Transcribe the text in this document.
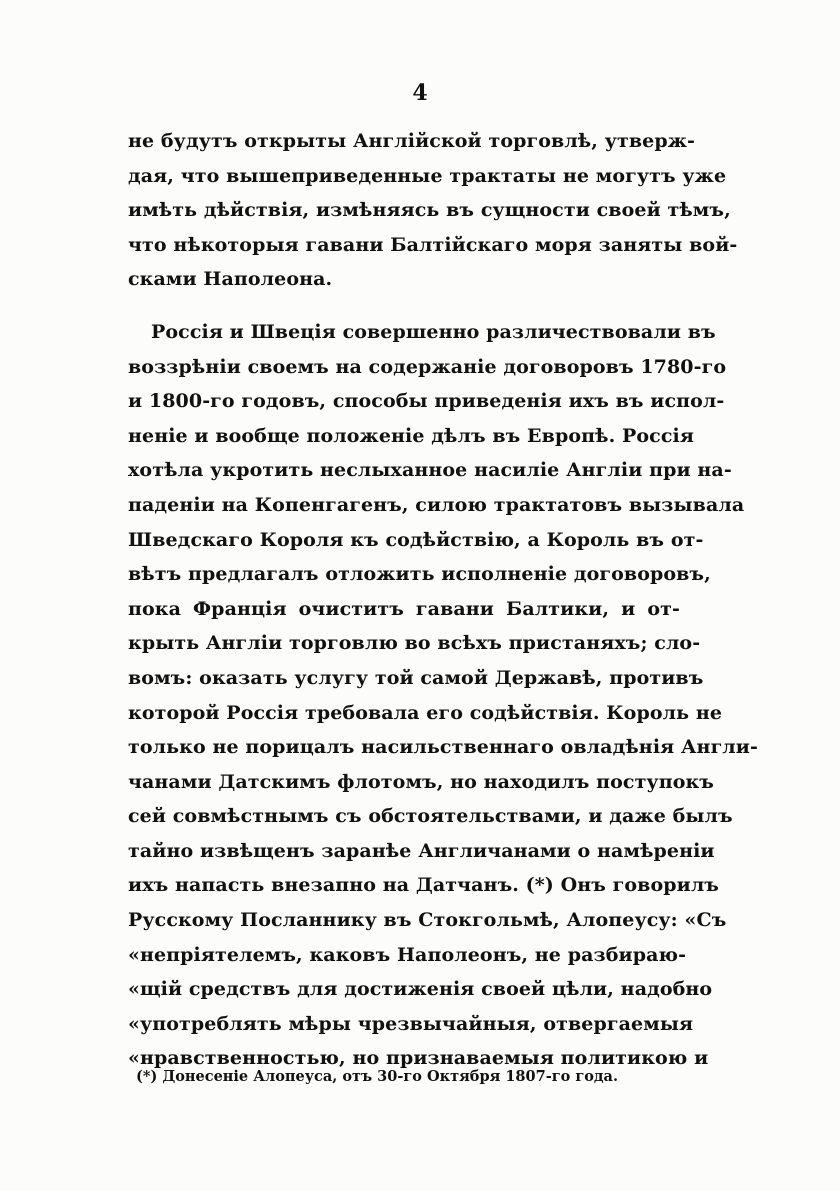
4
не будутъ открыты Англійской торговлѣ, утверж-
дая, что вышеприведенные трактаты не могутъ уже
имѣть дѣйствія, измѣняясь въ сущности своей тѣмъ,
что нѣкоторыя гавани Балтійскаго моря заняты вой-
сками Наполеона.
Россія и Швеція совершенно различествовали въ
воззрѣніи своемъ на содержаніе договоровъ 1780-го
и 1800-го годовъ, способы приведенія ихъ въ испол-
неніе и вообще положеніе дѣлъ въ Европѣ. Россія
хотѣла укротить неслыханное насиліе Англіи при на-
паденіи на Копенгагенъ, силою трактатовъ вызывала
Шведскаго Короля къ содѣйствію, а Король въ от-
вѣтъ предлагалъ отложить исполненіе договоровъ,
пока Франція очиститъ гавани Балтики, и от-
крыть Англіи торговлю во всѣхъ пристаняхъ; сло-
вомъ: оказать услугу той самой Державѣ, противъ
которой Россія требовала его содѣйствія. Король не
только не порицалъ насильственнаго овладѣнія Англи-
чанами Датскимъ флотомъ, но находилъ поступокъ
сей совмѣстнымъ съ обстоятельствами, и даже былъ
тайно извѣщенъ заранѣе Англичанами о намѣреніи
ихъ напасть внезапно на Датчанъ. (*) Онъ говорилъ
Русскому Посланнику въ Стокгольмѣ, Алопеусу: «Съ
«непріятелемъ, каковъ Наполеонъ, не разбираю-
«щій средствъ для достиженія своей цѣли, надобно
«употреблять мѣры чрезвычайныя, отвергаемыя
«нравственностью, но признаваемыя политикою и
(*) Донесеніе Алопеуса, отъ 30-го Октября 1807-го года.
